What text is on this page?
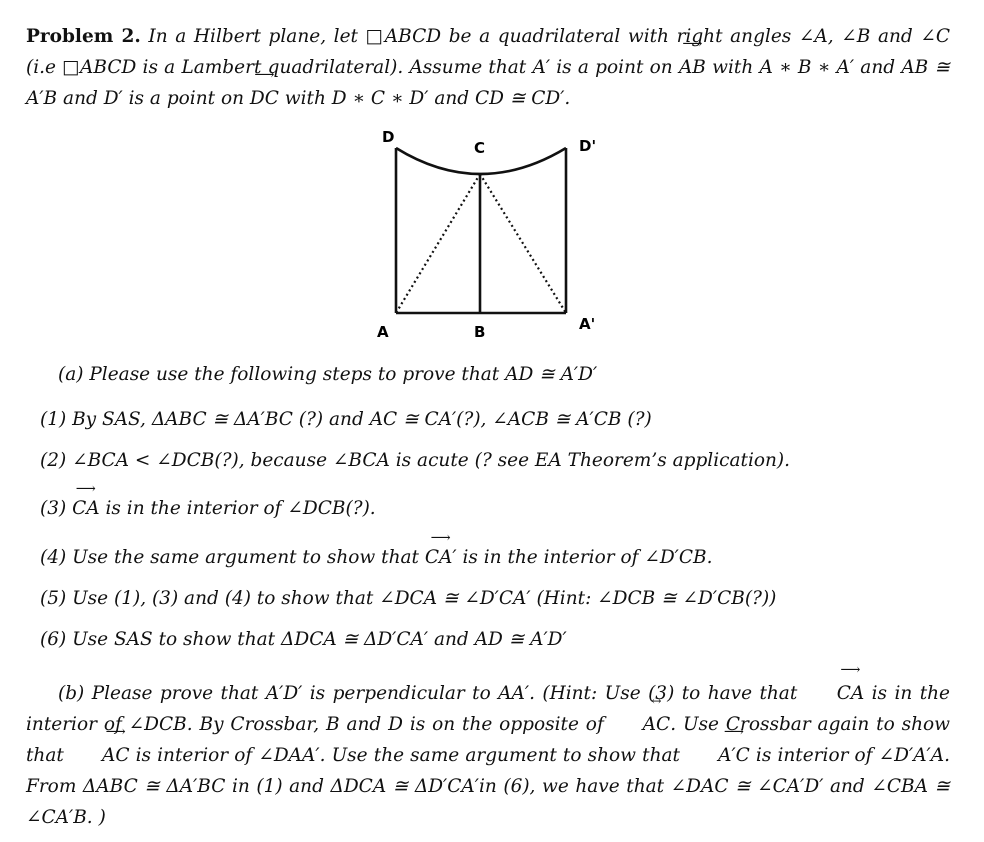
Problem 2. In a Hilbert plane, let □ABCD be a quadrilateral with right angles ∠A, ∠B and ∠C (i.e □ABCD is a Lambert quadrilateral). Assume that A′ is a point on ⟶ AB with A ∗ B ∗ A′ and AB ≅ A′B and D′ is a point on ⟶ DC with D ∗ C ∗ D′ and CD ≅ CD′.
D
C	D'
A	B	A'
(a) Please use the following steps to prove that AD ≅ A′D′
(1) By SAS, ΔABC ≅ ΔA′BC (?) and AC ≅ CA′(?), ∠ACB ≅ A′CB (?)
(2) ∠BCA < ∠DCB(?), because ∠BCA is acute (? see EA Theorem’s application).
(3) ⟶ CA is in the interior of ∠DCB(?).
(4) Use the same argument to show that ⟶ CA′ is in the interior of ∠D′CB.
(5) Use (1), (3) and (4) to show that ∠DCA ≅ ∠D′CA′ (Hint: ∠DCB ≅ ∠D′CB(?))
(6) Use SAS to show that ΔDCA ≅ ΔD′CA′ and AD ≅ A′D′
(b) Please prove that A′D′ is perpendicular to AA′. (Hint: Use (3) to have that ⟶ CA is in the interior of ∠DCB. By Crossbar, B and D is on the opposite of ↔ AC. Use Crossbar again to show that ⟶ AC is interior of ∠DAA′. Use the same argument to show that ⟶ A′C is interior of ∠D′A′A. From ΔABC ≅ ΔA′BC in (1) and ΔDCA ≅ ΔD′CA′in (6), we have that ∠DAC ≅ ∠CA′D′ and ∠CBA ≅ ∠CA′B. )
